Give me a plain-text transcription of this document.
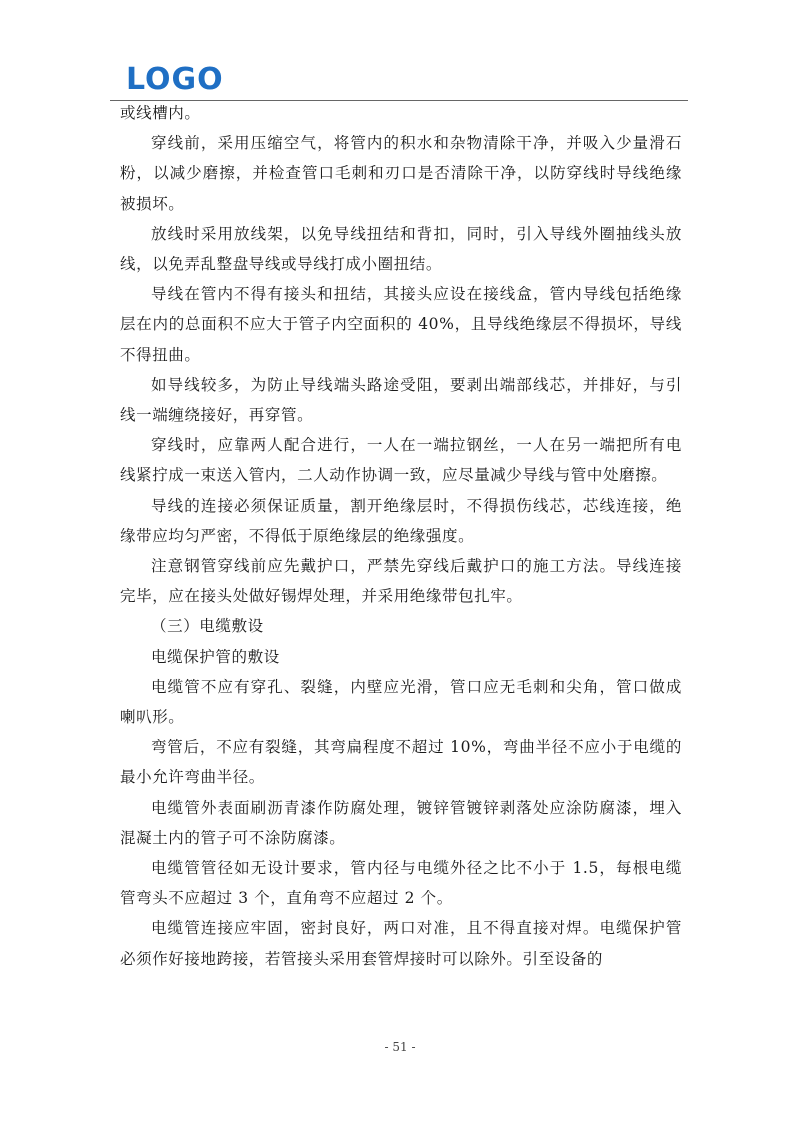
LOGO

或线槽内。

穿线前，采用压缩空气，将管内的积水和杂物清除干净，并吸入少量滑石粉，以减少磨擦，并检查管口毛刺和刃口是否清除干净，以防穿线时导线绝缘被损坏。

放线时采用放线架，以免导线扭结和背扣，同时，引入导线外圈抽线头放线，以免弄乱整盘导线或导线打成小圈扭结。

导线在管内不得有接头和扭结，其接头应设在接线盒，管内导线包括绝缘层在内的总面积不应大于管子内空面积的 40%，且导线绝缘层不得损坏，导线不得扭曲。

如导线较多，为防止导线端头路途受阻，要剥出端部线芯，并排好，与引线一端缠绕接好，再穿管。

穿线时，应靠两人配合进行，一人在一端拉钢丝，一人在另一端把所有电线紧拧成一束送入管内，二人动作协调一致，应尽量减少导线与管中处磨擦。

导线的连接必须保证质量，割开绝缘层时，不得损伤线芯，芯线连接，绝缘带应均匀严密，不得低于原绝缘层的绝缘强度。

注意钢管穿线前应先戴护口，严禁先穿线后戴护口的施工方法。导线连接完毕，应在接头处做好锡焊处理，并采用绝缘带包扎牢。

（三）电缆敷设

电缆保护管的敷设

电缆管不应有穿孔、裂缝，内壁应光滑，管口应无毛刺和尖角，管口做成喇叭形。

弯管后，不应有裂缝，其弯扁程度不超过 10%，弯曲半径不应小于电缆的最小允许弯曲半径。

电缆管外表面刷沥青漆作防腐处理，镀锌管镀锌剥落处应涂防腐漆，埋入混凝土内的管子可不涂防腐漆。

电缆管管径如无设计要求，管内径与电缆外径之比不小于 1.5，每根电缆管弯头不应超过 3 个，直角弯不应超过 2 个。

电缆管连接应牢固，密封良好，两口对准，且不得直接对焊。电缆保护管必须作好接地跨接，若管接头采用套管焊接时可以除外。引至设备的

- 51 -
